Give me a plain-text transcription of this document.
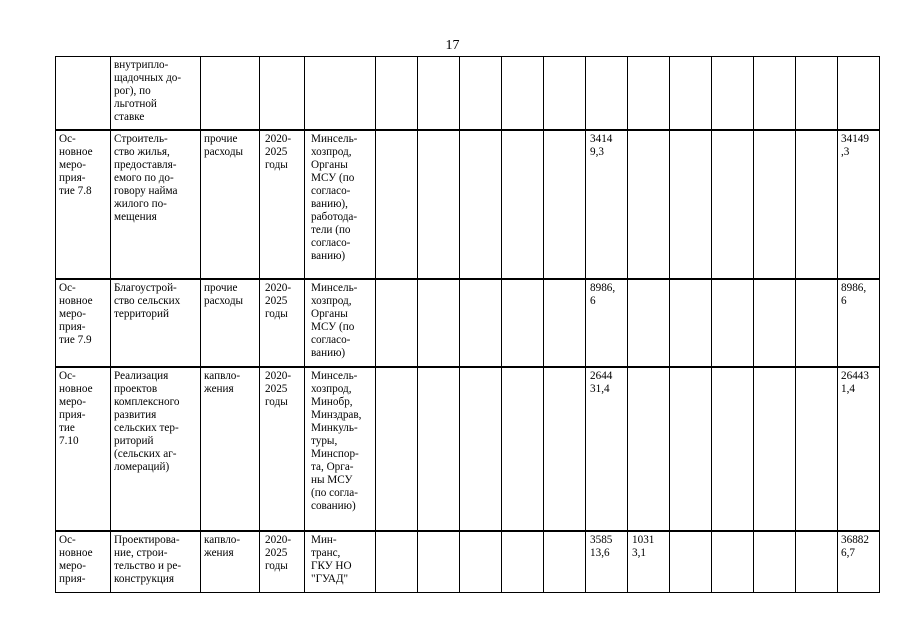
17
внутрипло-
щадочных до-
рог), по
льготной
ставке
Ос-
новное
меро-
прия-
тие 7.8
Строитель-
ство жилья,
предоставля-
емого по до-
говору найма
жилого по-
мещения
прочие
расходы
2020-
2025
годы
Минсель-
хозпрод,
Органы
МСУ (по
согласо-
ванию),
работода-
тели (по
согласо-
ванию)
3414
9,3
34149
,3
Ос-
новное
меро-
прия-
тие 7.9
Благоустрой-
ство сельских
территорий
прочие
расходы
2020-
2025
годы
Минсель-
хозпрод,
Органы
МСУ (по
согласо-
ванию)
8986,
6
8986,
6
Ос-
новное
меро-
прия-
тие
7.10
Реализация
проектов
комплексного
развития
сельских тер-
риторий
(сельских аг-
ломераций)
капвло-
жения
2020-
2025
годы
Минсель-
хозпрод,
Минобр,
Минздрав,
Минкуль-
туры,
Минспор-
та, Орга-
ны МСУ
(по согла-
сованию)
2644
31,4
26443
1,4
Ос-
новное
меро-
прия-
Проектирова-
ние, строи-
тельство и ре-
конструкция
капвло-
жения
2020-
2025
годы
Мин-
транс,
ГКУ НО
"ГУАД"
3585
13,6
1031
3,1
36882
6,7
